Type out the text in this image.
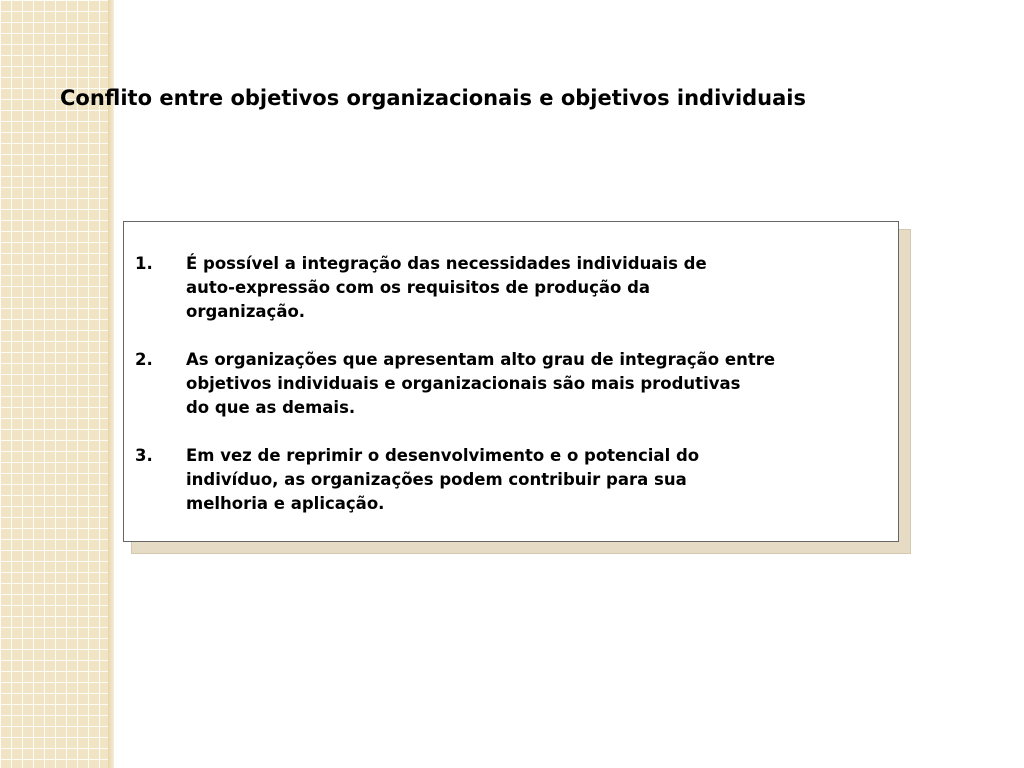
Conflito entre objetivos organizacionais e objetivos individuais
1.	É possível a integração das necessidades individuais de
auto-expressão com os requisitos de produção da
organização.
2.	As organizações que apresentam alto grau de integração entre
objetivos individuais e organizacionais são mais produtivas
do que as demais.
3.	Em vez de reprimir o desenvolvimento e o potencial do
indivíduo, as organizações podem contribuir para sua
melhoria e aplicação.
